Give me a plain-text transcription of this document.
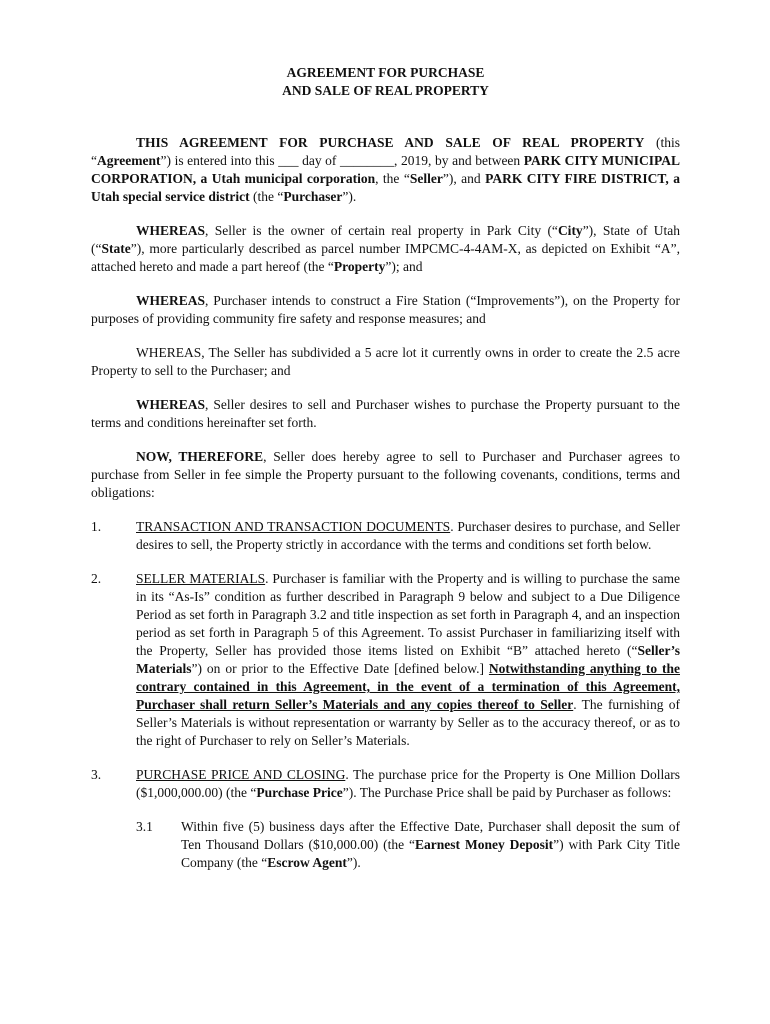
AGREEMENT FOR PURCHASE
AND SALE OF REAL PROPERTY

THIS AGREEMENT FOR PURCHASE AND SALE OF REAL PROPERTY (this “Agreement”) is entered into this ___ day of ________, 2019, by and between PARK CITY MUNICIPAL CORPORATION, a Utah municipal corporation, the “Seller”), and PARK CITY FIRE DISTRICT, a Utah special service district (the “Purchaser”).

WHEREAS, Seller is the owner of certain real property in Park City (“City”), State of Utah (“State”), more particularly described as parcel number IMPCMC-4-4AM-X, as depicted on Exhibit “A”, attached hereto and made a part hereof (the “Property”); and

WHEREAS, Purchaser intends to construct a Fire Station (“Improvements”), on the Property for purposes of providing community fire safety and response measures; and

WHEREAS, The Seller has subdivided a 5 acre lot it currently owns in order to create the 2.5 acre Property to sell to the Purchaser; and

WHEREAS, Seller desires to sell and Purchaser wishes to purchase the Property pursuant to the terms and conditions hereinafter set forth.

NOW, THEREFORE, Seller does hereby agree to sell to Purchaser and Purchaser agrees to purchase from Seller in fee simple the Property pursuant to the following covenants, conditions, terms and obligations:

1.	TRANSACTION AND TRANSACTION DOCUMENTS. Purchaser desires to purchase, and Seller desires to sell, the Property strictly in accordance with the terms and conditions set forth below.
2.	SELLER MATERIALS. Purchaser is familiar with the Property and is willing to purchase the same in its “As-Is” condition as further described in Paragraph 9 below and subject to a Due Diligence Period as set forth in Paragraph 3.2 and title inspection as set forth in Paragraph 4, and an inspection period as set forth in Paragraph 5 of this Agreement. To assist Purchaser in familiarizing itself with the Property, Seller has provided those items listed on Exhibit “B” attached hereto (“Seller’s Materials”) on or prior to the Effective Date [defined below.] Notwithstanding anything to the contrary contained in this Agreement, in the event of a termination of this Agreement, Purchaser shall return Seller’s Materials and any copies thereof to Seller. The furnishing of Seller’s Materials is without representation or warranty by Seller as to the accuracy thereof, or as to the right of Purchaser to rely on Seller’s Materials.
3.	PURCHASE PRICE AND CLOSING. The purchase price for the Property is One Million Dollars ($1,000,000.00) (the “Purchase Price”). The Purchase Price shall be paid by Purchaser as follows:
3.1 Within five (5) business days after the Effective Date, Purchaser shall deposit the sum of Ten Thousand Dollars ($10,000.00) (the “Earnest Money Deposit”) with Park City Title Company (the “Escrow Agent”).
